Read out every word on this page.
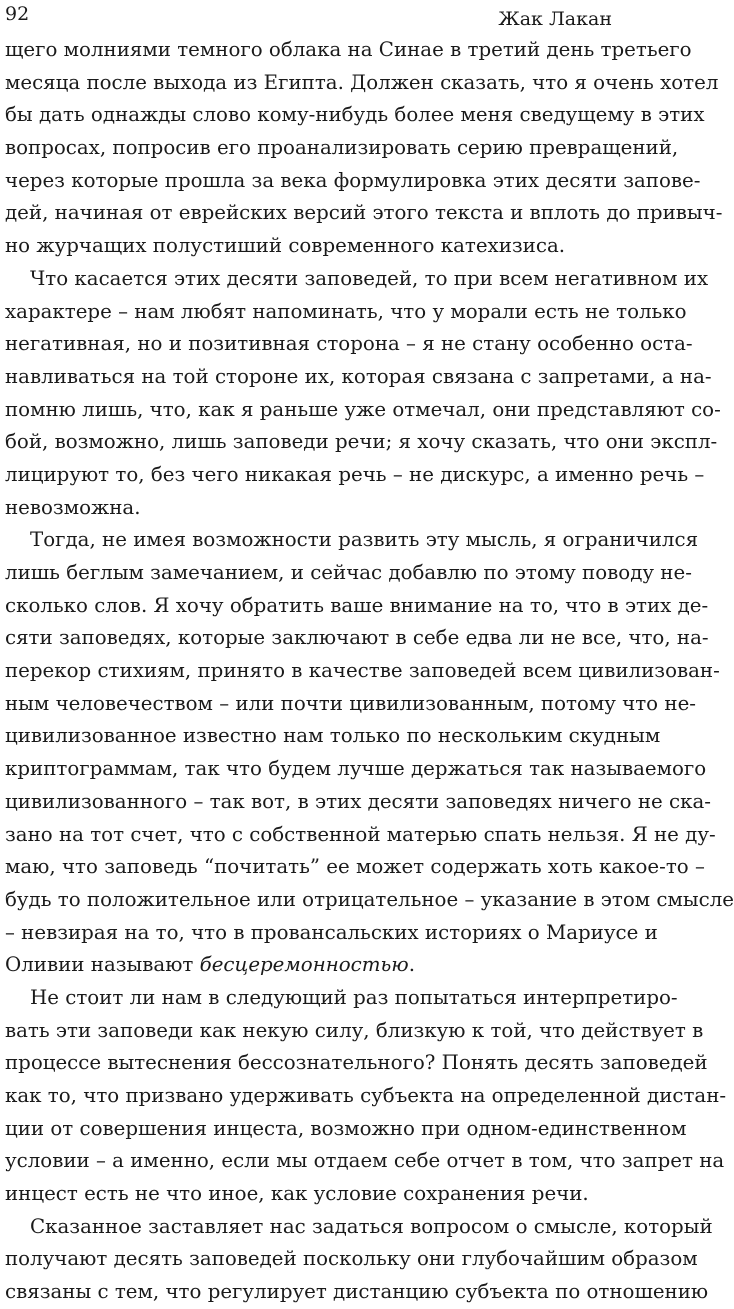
92	Жак Лакан
щего молниями темного облака на Синае в третий день третьего
месяца после выхода из Египта. Должен сказать, что я очень хотел
бы дать однажды слово кому-нибудь более меня сведущему в этих
вопросах, попросив его проанализировать серию превращений,
через которые прошла за века формулировка этих десяти запове-
дей, начиная от еврейских версий этого текста и вплоть до привыч-
но журчащих полустиший современного катехизиса.
Что касается этих десяти заповедей, то при всем негативном их
характере – нам любят напоминать, что у морали есть не только
негативная, но и позитивная сторона – я не стану особенно оста-
навливаться на той стороне их, которая связана с запретами, а на-
помню лишь, что, как я раньше уже отмечал, они представляют со-
бой, возможно, лишь заповеди речи; я хочу сказать, что они экспл-
лицируют то, без чего никакая речь – не дискурс, а именно речь –
невозможна.
Тогда, не имея возможности развить эту мысль, я ограничился
лишь беглым замечанием, и сейчас добавлю по этому поводу не-
сколько слов. Я хочу обратить ваше внимание на то, что в этих де-
сяти заповедях, которые заключают в себе едва ли не все, что, на-
перекор стихиям, принято в качестве заповедей всем цивилизован-
ным человечеством – или почти цивилизованным, потому что не-
цивилизованное известно нам только по нескольким скудным
криптограммам, так что будем лучше держаться так называемого
цивилизованного – так вот, в этих десяти заповедях ничего не ска-
зано на тот счет, что с собственной матерью спать нельзя. Я не ду-
маю, что заповедь “почитать” ее может содержать хоть какое-то –
будь то положительное или отрицательное – указание в этом смысле
– невзирая на то, что в провансальских историях о Мариусе и
Оливии называют бесцеремонностью.
Не стоит ли нам в следующий раз попытаться интерпретиро-
вать эти заповеди как некую силу, близкую к той, что действует в
процессе вытеснения бессознательного? Понять десять заповедей
как то, что призвано удерживать субъекта на определенной дистан-
ции от совершения инцеста, возможно при одном-единственном
условии – а именно, если мы отдаем себе отчет в том, что запрет на
инцест есть не что иное, как условие сохранения речи.
Сказанное заставляет нас задаться вопросом о смысле, который
получают десять заповедей поскольку они глубочайшим образом
связаны с тем, что регулирует дистанцию субъекта по отношению
